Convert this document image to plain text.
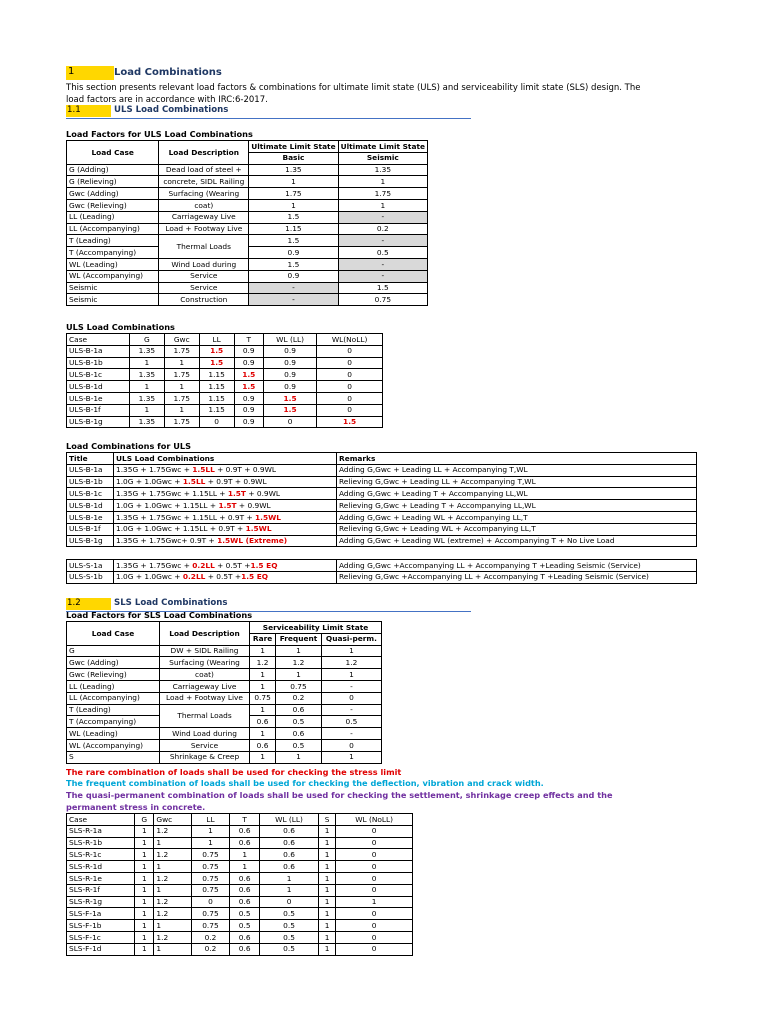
1	Load Combinations
This section presents relevant load factors & combinations for ultimate limit state (ULS) and serviceability limit state (SLS) design. The load factors are in accordance with IRC:6-2017.
1.1	ULS Load Combinations
Load Factors for ULS Load Combinations
Load Case	Load Description	Ultimate Limit State	Ultimate Limit State
		Basic	Seismic
G (Adding)	Dead load of steel +	1.35	1.35
G (Relieving)	concrete, SIDL Railing	1	1
Gwc (Adding)	Surfacing (Wearing	1.75	1.75
Gwc (Relieving)	coat)	1	1
LL (Leading)	Carriageway Live	1.5	-
LL (Accompanying)	Load + Footway Live	1.15	0.2
T (Leading)	Thermal Loads	1.5	-
T (Accompanying)		0.9	0.5
WL (Leading)	Wind Load during	1.5	-
WL (Accompanying)	Service	0.9	-
Seismic	Service	-	1.5
Seismic	Construction	-	0.75
ULS Load Combinations
Case	G	Gwc	LL	T	WL (LL)	WL(NoLL)
ULS-B-1a	1.35	1.75	1.5	0.9	0.9	0
ULS-B-1b	1	1	1.5	0.9	0.9	0
ULS-B-1c	1.35	1.75	1.15	1.5	0.9	0
ULS-B-1d	1	1	1.15	1.5	0.9	0
ULS-B-1e	1.35	1.75	1.15	0.9	1.5	0
ULS-B-1f	1	1	1.15	0.9	1.5	0
ULS-B-1g	1.35	1.75	0	0.9	0	1.5
Load Combinations for ULS
Title	ULS Load Combinations	Remarks
ULS-B-1a	1.35G + 1.75Gwc + 1.5LL + 0.9T + 0.9WL	Adding G,Gwc + Leading LL + Accompanying T,WL
ULS-B-1b	1.0G + 1.0Gwc + 1.5LL + 0.9T + 0.9WL	Relieving G,Gwc + Leading LL + Accompanying T,WL
ULS-B-1c	1.35G + 1.75Gwc + 1.15LL + 1.5T + 0.9WL	Adding G,Gwc + Leading T + Accompanying LL,WL
ULS-B-1d	1.0G + 1.0Gwc + 1.15LL + 1.5T + 0.9WL	Relieving G,Gwc + Leading T + Accompanying LL,WL
ULS-B-1e	1.35G + 1.75Gwc + 1.15LL + 0.9T + 1.5WL	Adding G,Gwc + Leading WL + Accompanying LL,T
ULS-B-1f	1.0G + 1.0Gwc + 1.15LL + 0.9T + 1.5WL	Relieving G,Gwc + Leading WL + Accompanying LL,T
ULS-B-1g	1.35G + 1.75Gwc+ 0.9T + 1.5WL (Extreme)	Adding G,Gwc + Leading WL (extreme) + Accompanying T + No Live Load
ULS-S-1a	1.35G + 1.75Gwc + 0.2LL + 0.5T +1.5 EQ	Adding G,Gwc +Accompanying LL + Accompanying T +Leading Seismic (Service)
ULS-S-1b	1.0G + 1.0Gwc + 0.2LL + 0.5T +1.5 EQ	Relieving G,Gwc +Accompanying LL + Accompanying T +Leading Seismic (Service)
1.2	SLS Load Combinations
Load Factors for SLS Load Combinations
Load Case	Load Description	Serviceability Limit State		
		Rare	Frequent	Quasi-perm.
G	DW + SIDL Railing	1	1	1
Gwc (Adding)	Surfacing (Wearing	1.2	1.2	1.2
Gwc (Relieving)	coat)	1	1	1
LL (Leading)	Carriageway Live	1	0.75	-
LL (Accompanying)	Load + Footway Live	0.75	0.2	0
T (Leading)	Thermal Loads	1	0.6	-
T (Accompanying)		0.6	0.5	0.5
WL (Leading)	Wind Load during	1	0.6	-
WL (Accompanying)	Service	0.6	0.5	0
S	Shrinkage & Creep	1	1	1
The rare combination of loads shall be used for checking the stress limit
The frequent combination of loads shall be used for checking the deflection, vibration and crack width.
The quasi-permanent combination of loads shall be used for checking the settlement, shrinkage creep effects and the permanent stress in concrete.
Case	G	Gwc	LL	T	WL (LL)	S	WL (NoLL)
SLS-R-1a	1	1.2	1	0.6	0.6	1	0
SLS-R-1b	1	1	1	0.6	0.6	1	0
SLS-R-1c	1	1.2	0.75	1	0.6	1	0
SLS-R-1d	1	1	0.75	1	0.6	1	0
SLS-R-1e	1	1.2	0.75	0.6	1	1	0
SLS-R-1f	1	1	0.75	0.6	1	1	0
SLS-R-1g	1	1.2	0	0.6	0	1	1
SLS-F-1a	1	1.2	0.75	0.5	0.5	1	0
SLS-F-1b	1	1	0.75	0.5	0.5	1	0
SLS-F-1c	1	1.2	0.2	0.6	0.5	1	0
SLS-F-1d	1	1	0.2	0.6	0.5	1	0
